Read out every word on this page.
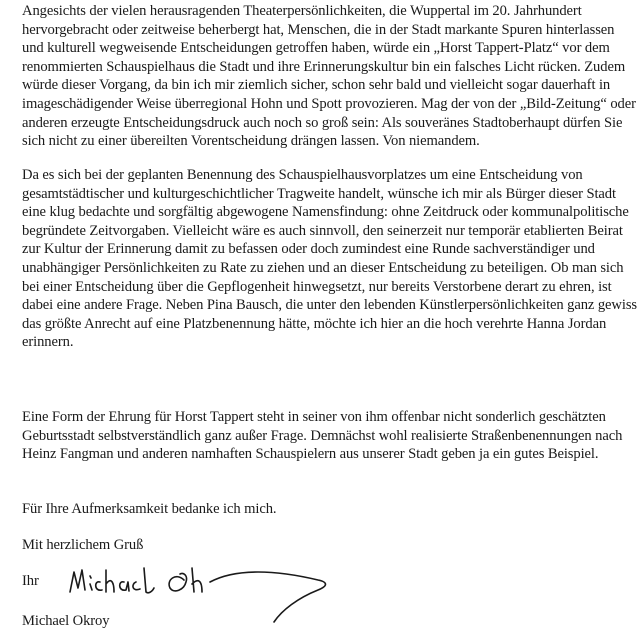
Angesichts der vielen herausragenden Theaterpersönlichkeiten, die Wuppertal im 20. Jahrhundert hervorgebracht oder zeitweise beherbergt hat, Menschen, die in der Stadt markante Spuren hinterlassen und kulturell wegweisende Entscheidungen getroffen haben, würde ein „Horst Tappert-Platz“ vor dem renommierten Schauspielhaus die Stadt und ihre Erinnerungskultur bin ein falsches Licht rücken. Zudem würde dieser Vorgang, da bin ich mir ziemlich sicher, schon sehr bald und vielleicht sogar dauerhaft in imageschädigender Weise überregional Hohn und Spott provozieren. Mag der von der „Bild-Zeitung“ oder anderen erzeugte Entscheidungsdruck auch noch so groß sein: Als souveränes Stadtoberhaupt dürfen Sie sich nicht zu einer übereilten Vorentscheidung drängen lassen. Von niemandem.

Da es sich bei der geplanten Benennung des Schauspielhausvorplatzes um eine Entscheidung von gesamtstädtischer und kulturgeschichtlicher Tragweite handelt, wünsche ich mir als Bürger dieser Stadt eine klug bedachte und sorgfältig abgewogene Namensfindung: ohne Zeitdruck oder kommunalpolitische begründete Zeitvorgaben. Vielleicht wäre es auch sinnvoll, den seinerzeit nur temporär etablierten Beirat zur Kultur der Erinnerung damit zu befassen oder doch zumindest eine Runde sachverständiger und unabhängiger Persönlichkeiten zu Rate zu ziehen und an dieser Entscheidung zu beteiligen. Ob man sich bei einer Entscheidung über die Gepflogenheit hinwegsetzt, nur bereits Verstorbene derart zu ehren, ist dabei eine andere Frage. Neben Pina Bausch, die unter den lebenden Künstlerpersönlichkeiten ganz gewiss das größte Anrecht auf eine Platzbenennung hätte, möchte ich hier an die hoch verehrte Hanna Jordan erinnern.

Eine Form der Ehrung für Horst Tappert steht in seiner von ihm offenbar nicht sonderlich geschätzten Geburtsstadt selbstverständlich ganz außer Frage. Demnächst wohl realisierte Straßenbenennungen nach Heinz Fangman und anderen namhaften Schauspielern aus unserer Stadt geben ja ein gutes Beispiel.

Für Ihre Aufmerksamkeit bedanke ich mich.

Mit herzlichem Gruß
Ihr
Michael Okroy
